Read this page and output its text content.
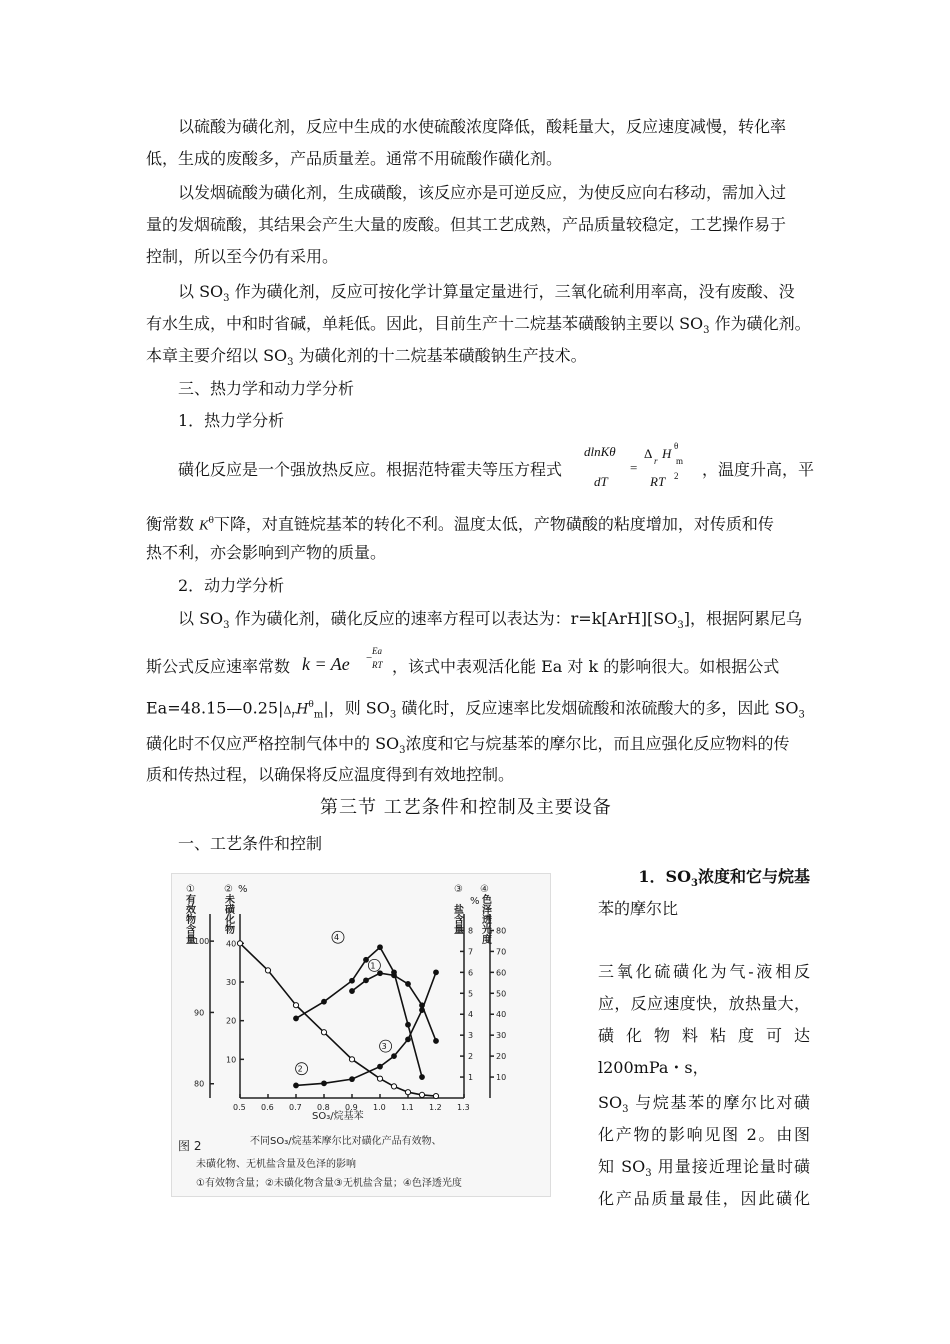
以硫酸为磺化剂，反应中生成的水使硫酸浓度降低，酸耗量大，反应速度减慢，转化率
低，生成的废酸多，产品质量差。通常不用硫酸作磺化剂。
以发烟硫酸为磺化剂，生成磺酸，该反应亦是可逆反应，为使反应向右移动，需加入过
量的发烟硫酸，其结果会产生大量的废酸。但其工艺成熟，产品质量较稳定，工艺操作易于
控制，所以至今仍有采用。
以 $SO_3$ 作为磺化剂，反应可按化学计算量定量进行，三氧化硫利用率高，没有废酸、没
有水生成，中和时省碱，单耗低。因此，目前生产十二烷基苯磺酸钠主要以 $SO_3$ 作为磺化剂。
本章主要介绍以 $SO_3$ 为磺化剂的十二烷基苯磺酸钠生产技术。
三、热力学和动力学分析
1．热力学分析
磺化反应是一个强放热反应。根据范特霍夫等压方程式
dlnKθ
dT
=
Δ r H θ
m
RT 2 ，温度升高，平
衡常数 $K^\theta$下降，对直链烷基苯的转化不利。温度太低，产物磺酸的粘度增加，对传质和传
热不利，亦会影响到产物的质量。
2．动力学分析
以 $SO_3$ 作为磺化剂，磺化反应的速率方程可以表达为：$r=k[ArH][SO_3]$，根据阿累尼乌
斯公式反应速率常数 k = Ae −
Ea
RT ，该式中表观活化能 Ea 对 k 的影响很大。如根据公式
$Ea=48.15—0.25|\Delta_rH^\theta_m|$，则 $SO_3$ 磺化时，反应速率比发烟硫酸和浓硫酸大的多，因此 $SO_3$
磺化时不仅应严格控制气体中的 $SO_3$浓度和它与烷基苯的摩尔比，而且应强化反应物料的传
质和传热过程，以确保将反应温度得到有效地控制。
第三节 工艺条件和控制及主要设备
一、工艺条件和控制
1．$SO_3$浓度和它与烷基
苯的摩尔比
三氧化硫磺化为气-液相反
应，反应速度快，放热量大，
磺 化 物 料 粘 度 可 达
l200mPa・s，
$SO_3$ 与烷基苯的摩尔比对磺
化产物的影响见图 2。由图
知 $SO_3$ 用量接近理论量时磺
化产品质量最佳，因此磺化
1
2
3
4
0.5 0.6 0.7 0.8 0.9 1.0 1.1 1.2 1.3
10
20
30
40
90
80
100
1
2
3
4
5
6
7
8
10
20
30
40
50
60
70
80
①
有效物含量
② %
未磺化物
③
%
盐含量
④
色泽透光度
SO₃/烷基苯
图 2	不同SO₃/烷基苯摩尔比对磺化产品有效物、
未磺化物、无机盐含量及色泽的影响
①有效物含量；②未磺化物含量③无机盐含量；④色泽透光度
